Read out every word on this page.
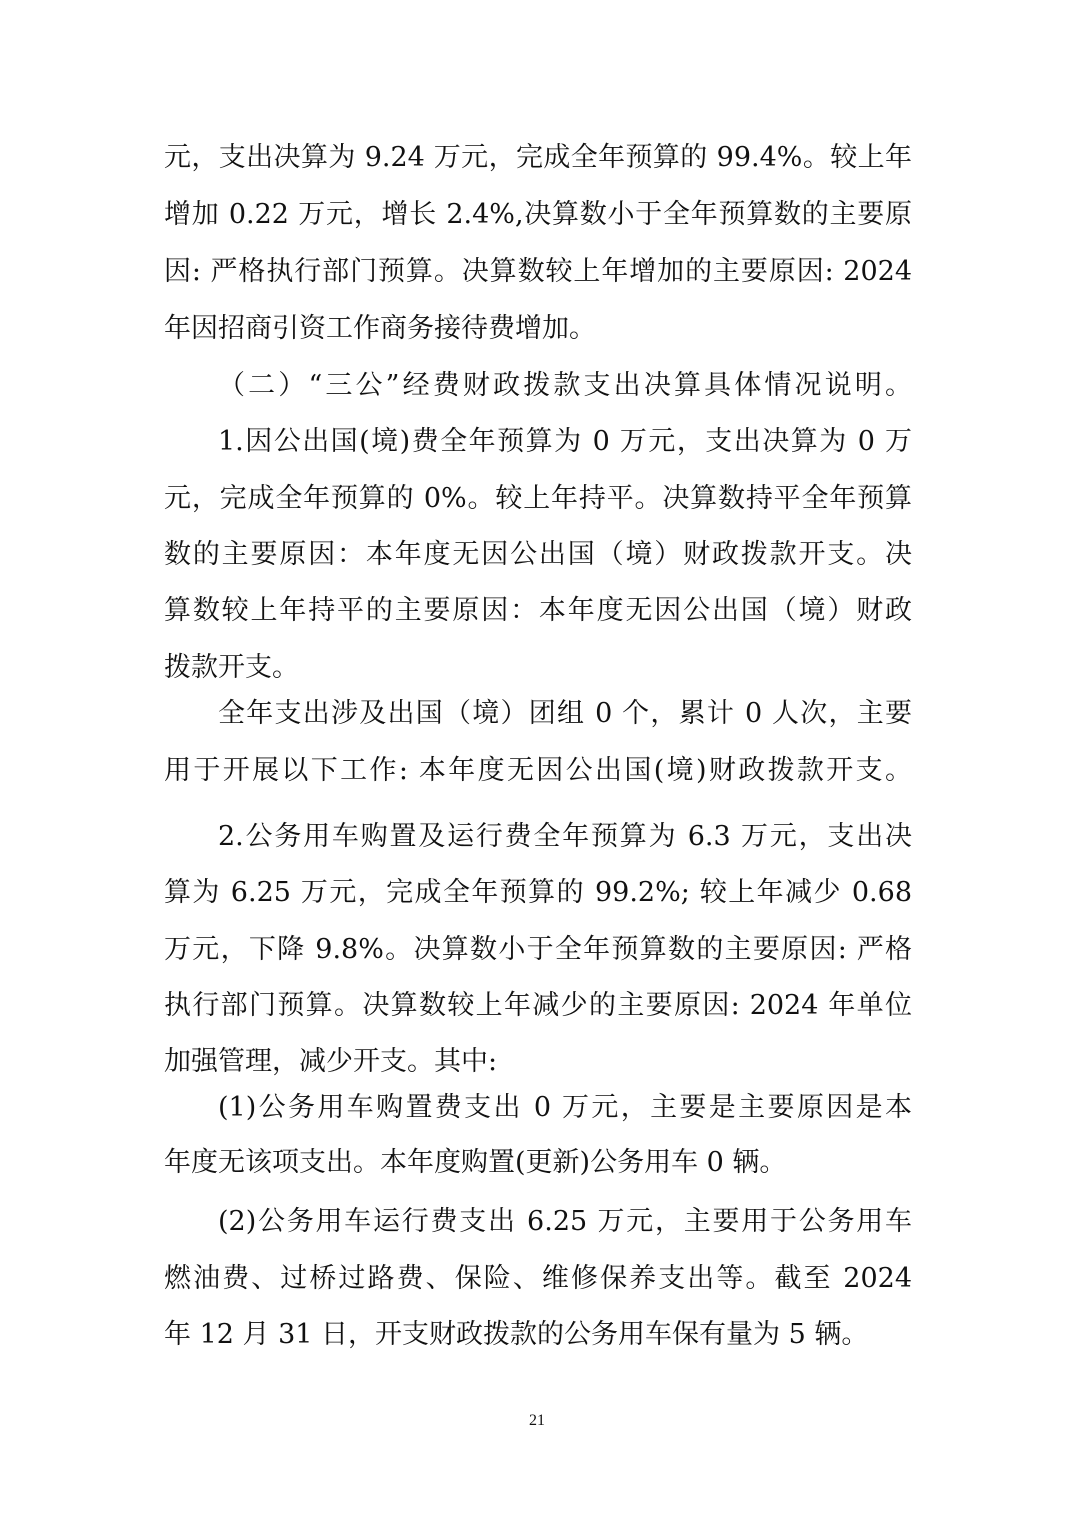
元，支出决算为 9.24 万元，完成全年预算的 99.4%。较上年
增加 0.22 万元，增长 2.4%,决算数小于全年预算数的主要原
因: 严格执行部门预算。决算数较上年增加的主要原因: 2024
年因招商引资工作商务接待费增加。
（二）“三公”经费财政拨款支出决算具体情况说明。
1.因公出国(境)费全年预算为 0 万元，支出决算为 0 万
元，完成全年预算的 0%。较上年持平。决算数持平全年预算
数的主要原因：本年度无因公出国（境）财政拨款开支。决
算数较上年持平的主要原因：本年度无因公出国（境）财政
拨款开支。
全年支出涉及出国（境）团组 0 个，累计 0 人次，主要
用于开展以下工作: 本年度无因公出国(境)财政拨款开支。
2.公务用车购置及运行费全年预算为 6.3 万元，支出决
算为 6.25 万元，完成全年预算的 99.2%; 较上年减少 0.68
万元，下降 9.8%。决算数小于全年预算数的主要原因: 严格
执行部门预算。决算数较上年减少的主要原因: 2024 年单位
加强管理，减少开支。其中:
(1)公务用车购置费支出 0 万元，主要是主要原因是本
年度无该项支出。本年度购置(更新)公务用车 0 辆。
(2)公务用车运行费支出 6.25 万元，主要用于公务用车
燃油费、过桥过路费、保险、维修保养支出等。截至 2024
年 12 月 31 日，开支财政拨款的公务用车保有量为 5 辆。
21
